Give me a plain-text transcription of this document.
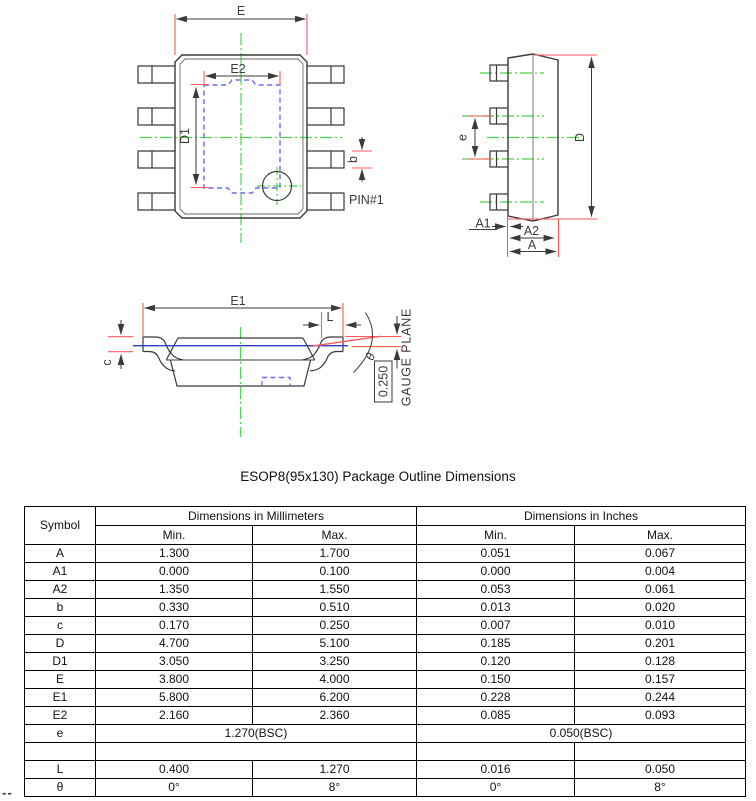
E
E2
D1
b
PIN#1
e	D
A1
A2
A
E1
L
c
θ
0.250 GAUGE PLANE
ESOP8(95x130) Package Outline Dimensions
Symbol	Dimensions in Millimeters		Dimensions in Inches	
	Min.	Max.	Min.	Max.
A	1.300	1.700	0.051	0.067
A1	0.000	0.100	0.000	0.004
A2	1.350	1.550	0.053	0.061
b	0.330	0.510	0.013	0.020
c	0.170	0.250	0.007	0.010
D	4.700	5.100	0.185	0.201
D1	3.050	3.250	0.120	0.128
E	3.800	4.000	0.150	0.157
E1	5.800	6.200	0.228	0.244
E2	2.160	2.360	0.085	0.093
e	1.270(BSC)		0.050(BSC)	

L	0.400	1.270	0.016	0.050
θ	0°	8°	0°	8°
--
